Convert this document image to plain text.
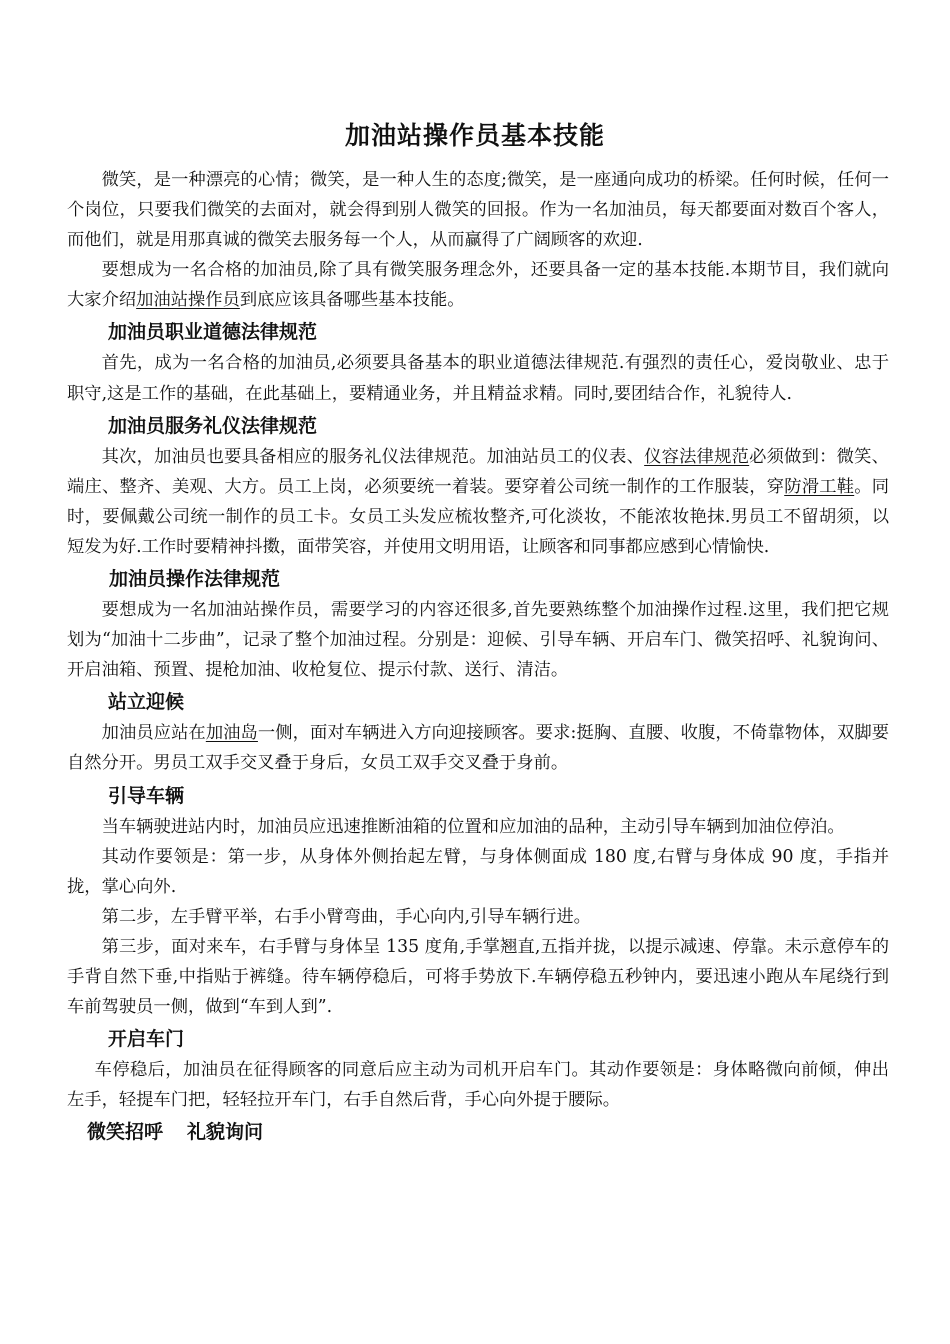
加油站操作员基本技能

微笑，是一种漂亮的心情；微笑，是一种人生的态度;微笑，是一座通向成功的桥梁。任何时候，任何一个岗位，只要我们微笑的去面对，就会得到别人微笑的回报。作为一名加油员，每天都要面对数百个客人，而他们，就是用那真诚的微笑去服务每一个人，从而赢得了广阔顾客的欢迎.

要想成为一名合格的加油员,除了具有微笑服务理念外，还要具备一定的基本技能.本期节目，我们就向大家介绍加油站操作员到底应该具备哪些基本技能。

加油员职业道德法律规范

首先，成为一名合格的加油员,必须要具备基本的职业道德法律规范.有强烈的责任心，爱岗敬业、忠于职守,这是工作的基础，在此基础上，要精通业务，并且精益求精。同时,要团结合作，礼貌待人.

加油员服务礼仪法律规范

其次，加油员也要具备相应的服务礼仪法律规范。加油站员工的仪表、仪容法律规范必须做到：微笑、端庄、整齐、美观、大方。员工上岗，必须要统一着装。要穿着公司统一制作的工作服装，穿防滑工鞋。同时，要佩戴公司统一制作的员工卡。女员工头发应梳妆整齐,可化淡妆，不能浓妆艳抹.男员工不留胡须，以短发为好.工作时要精神抖擞，面带笑容，并使用文明用语，让顾客和同事都应感到心情愉快.

加油员操作法律规范

要想成为一名加油站操作员，需要学习的内容还很多,首先要熟练整个加油操作过程.这里，我们把它规划为“加油十二步曲”，记录了整个加油过程。分别是：迎候、引导车辆、开启车门、微笑招呼、礼貌询问、开启油箱、预置、提枪加油、收枪复位、提示付款、送行、清洁。

站立迎候

加油员应站在加油岛一侧，面对车辆进入方向迎接顾客。要求:挺胸、直腰、收腹，不倚靠物体，双脚要自然分开。男员工双手交叉叠于身后，女员工双手交叉叠于身前。

引导车辆

当车辆驶进站内时，加油员应迅速推断油箱的位置和应加油的品种，主动引导车辆到加油位停泊。

其动作要领是：第一步，从身体外侧抬起左臂，与身体侧面成 180 度,右臂与身体成 90 度，手指并拢，掌心向外.

第二步，左手臂平举，右手小臂弯曲，手心向内,引导车辆行进。

第三步，面对来车，右手臂与身体呈 135 度角,手掌翘直,五指并拢，以提示减速、停靠。未示意停车的手背自然下垂,中指贴于裤缝。待车辆停稳后，可将手势放下.车辆停稳五秒钟内，要迅速小跑从车尾绕行到车前驾驶员一侧，做到“车到人到”.

开启车门

车停稳后，加油员在征得顾客的同意后应主动为司机开启车门。其动作要领是：身体略微向前倾，伸出左手，轻提车门把，轻轻拉开车门，右手自然后背，手心向外提于腰际。

微笑招呼 礼貌询问
